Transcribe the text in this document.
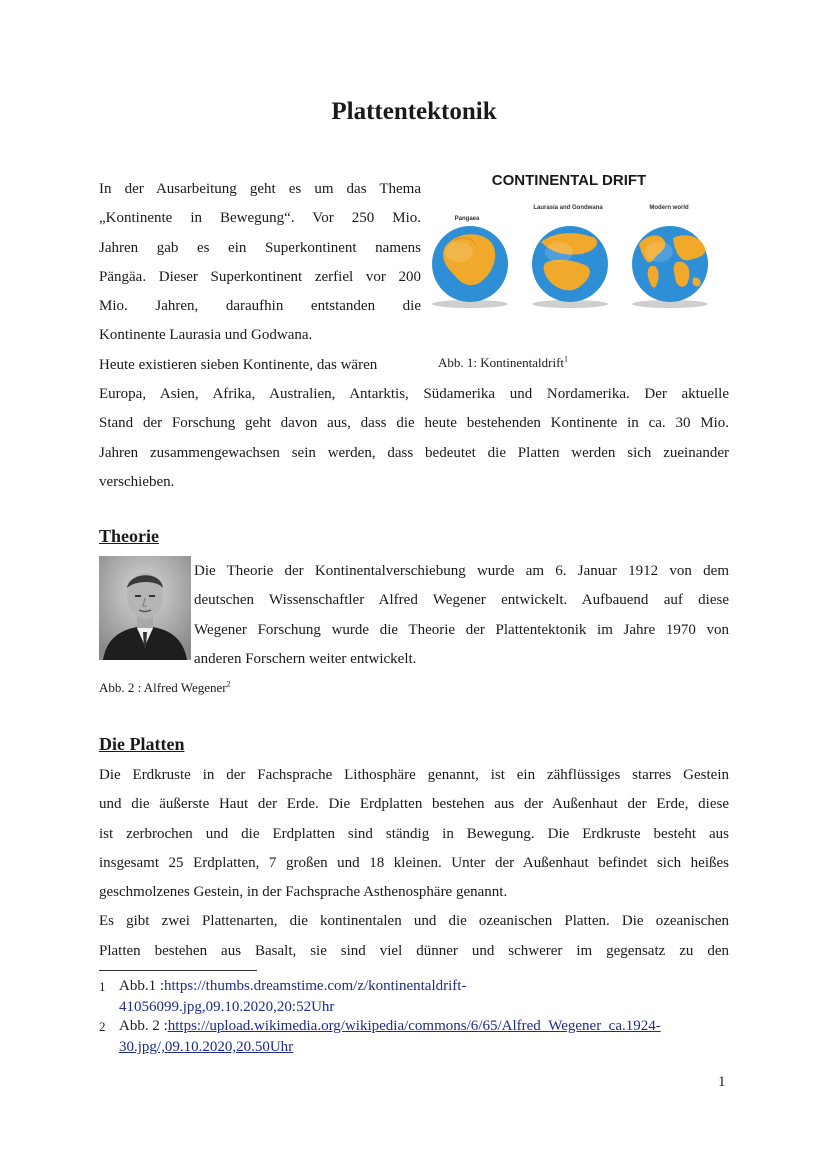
Plattentektonik
In der Ausarbeitung geht es um das Thema
„Kontinente in Bewegung“. Vor 250 Mio.
Jahren gab es ein Superkontinent namens
Pängäa. Dieser Superkontinent zerfiel vor 200
Mio. Jahren, daraufhin entstanden die
Kontinente Laurasia und Godwana.
Heute existieren sieben Kontinente, das wären
Europa, Asien, Afrika, Australien, Antarktis, Südamerika und Nordamerika. Der aktuelle
Stand der Forschung geht davon aus, dass die heute bestehenden Kontinente in ca. 30 Mio.
Jahren zusammengewachsen sein werden, dass bedeutet die Platten werden sich zueinander
verschieben.
CONTINENTAL DRIFT
Pangaea
Laurasia and Gondwana	Modern world
Abb. 1: Kontinentaldrift$^1$
Theorie
Die Theorie der Kontinentalverschiebung wurde am 6. Januar 1912 von dem
deutschen Wissenschaftler Alfred Wegener entwickelt. Aufbauend auf diese
Wegener Forschung wurde die Theorie der Plattentektonik im Jahre 1970 von
anderen Forschern weiter entwickelt.
Abb. 2 : Alfred Wegener$^2$
Die Platten
Die Erdkruste in der Fachsprache Lithosphäre genannt, ist ein zähflüssiges starres Gestein
und die äußerste Haut der Erde. Die Erdplatten bestehen aus der Außenhaut der Erde, diese
ist zerbrochen und die Erdplatten sind ständig in Bewegung. Die Erdkruste besteht aus
insgesamt 25 Erdplatten, 7 großen und 18 kleinen. Unter der Außenhaut befindet sich heißes
geschmolzenes Gestein, in der Fachsprache Asthenosphäre genannt.
Es gibt zwei Plattenarten, die kontinentalen und die ozeanischen Platten. Die ozeanischen
Platten bestehen aus Basalt, sie sind viel dünner und schwerer im gegensatz zu den
1 Abb.1 :https://thumbs.dreamstime.com/z/kontinentaldrift-
41056099.jpg,09.10.2020,20:52Uhr
2 Abb. 2 :https://upload.wikimedia.org/wikipedia/commons/6/65/Alfred_Wegener_ca.1924-
30.jpg/,09.10.2020,20.50Uhr
1
